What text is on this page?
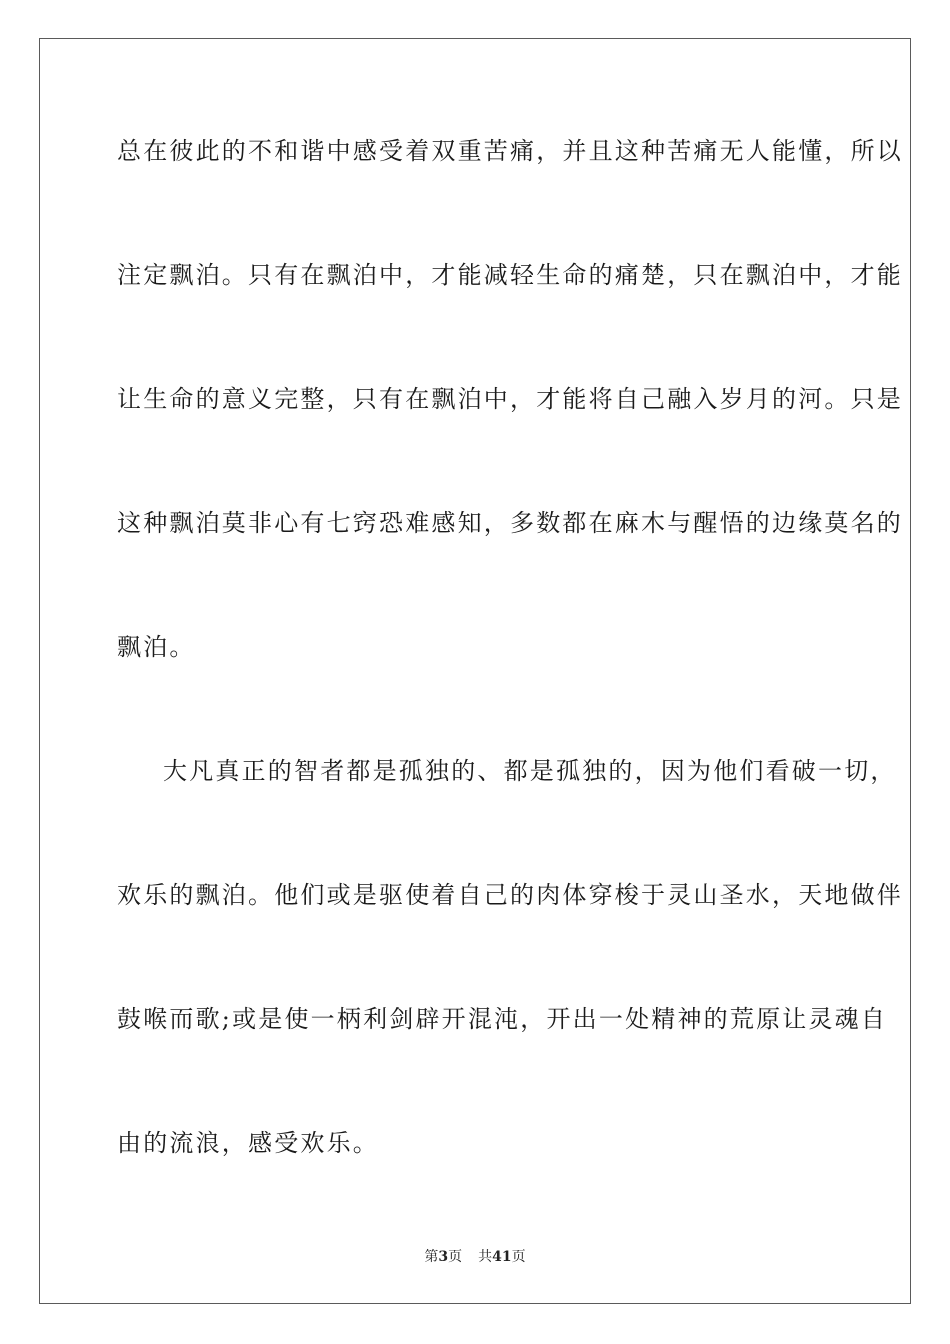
总在彼此的不和谐中感受着双重苦痛，并且这种苦痛无人能懂，所以
注定飘泊。只有在飘泊中，才能减轻生命的痛楚，只在飘泊中，才能
让生命的意义完整，只有在飘泊中，才能将自己融入岁月的河。只是
这种飘泊莫非心有七窍恐难感知，多数都在麻木与醒悟的边缘莫名的
飘泊。
大凡真正的智者都是孤独的、都是孤独的，因为他们看破一切，
欢乐的飘泊。他们或是驱使着自己的肉体穿梭于灵山圣水，天地做伴
鼓喉而歌;或是使一柄利剑辟开混沌，开出一处精神的荒原让灵魂自
由的流浪，感受欢乐。
第3页 共41页
